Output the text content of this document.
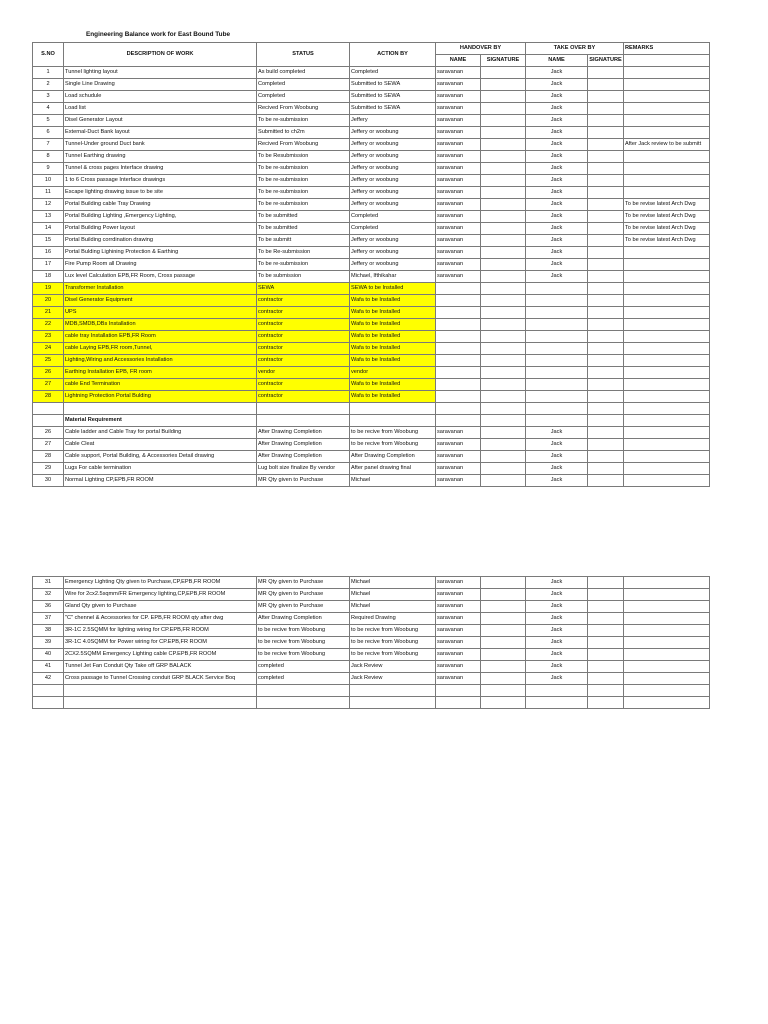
Engineering Balance work for East Bound Tube
S.NO	DESCRIPTION OF WORK	STATUS	ACTION BY	HANDOVER BY		TAKE OVER BY		REMARKS
				NAME	SIGNATURE	NAME	SIGNATURE	
1	Tunnel lighting layout	As build completed	Completed	saravanan		Jack		
2	Single Line Drawing	Completed	Submitted to SEWA	saravanan		Jack		
3	Load schudule	Completed	Submitted to SEWA	saravanan		Jack		
4	Load list	Recived From Woobung	Submitted to SEWA	saravanan		Jack		
5	Disel Generator Layout	To be re-submission	Jeffery	saravanan		Jack		
6	External-Duct Bank layout	Submitted to ch2m	Jeffery or woobung	saravanan		Jack		
7	Tunnel-Under ground Duct bank	Recived From Woobung	Jeffery or woobung	saravanan		Jack		After Jack review to be submitt
8	Tunnel Earthing drawing	To be Resubmission	Jeffery or woobung	saravanan		Jack		
9	Tunnel & cross pages Interface drawing	To be re-submission	Jeffery or woobung	saravanan		Jack		
10	1 to 6 Cross passage Interface drawings	To be re-submission	Jeffery or woobung	saravanan		Jack		
11	Escape lighting drawing issue to be site	To be re-submission	Jeffery or woobung	saravanan		Jack		
12	Portal Building cable Tray Drawing	To be re-submission	Jeffery or woobung	saravanan		Jack		To be revise latest Arch Dwg
13	Portal Building Lighting ,Emergency Lighting,	To be submitted	Completed	saravanan		Jack		To be revise latest Arch Dwg
14	Portal Building Power layout	To be submitted	Completed	saravanan		Jack		To be revise latest Arch Dwg
15	Portal Building corrdination drawing	To be submitt	Jeffery or woobung	saravanan		Jack		To be revise latest Arch Dwg
16	Portal Bulding Lighining Protection & Earthing	To be Re-submission	Jeffery or woobung	saravanan		Jack		
17	Fire Pump Room all Drawing	To be re-submission	Jeffery or woobung	saravanan		Jack		
18	Lux level Calculation EPB,FR Room, Cross passage	To be submission	Michael, Ifthikahar	saravanan		Jack		
19	Transformer Installation	SEWA	SEWA to be Installed					
20	Disel Generator Equipment	contractor	Wafa to be Installed					
21	UPS	contractor	Wafa to be Installed					
22	MDB,SMDB,DBs Installation	contractor	Wafa to be Installed					
23	cable tray Installation EPB,FR Room	contractor	Wafa to be Installed					
24	cable Laying EPB,FR room,Tunnel,	contractor	Wafa to be Installed					
25	Lighting,Wiring and Accessories Installation	contractor	Wafa to be Installed					
26	Earthing Installation EPB, FR room	vendor	vendor					
27	cable End Termination	contractor	Wafa to be Installed					
28	Lightning Protection Portal Bulding	contractor	Wafa to be Installed					

	Material Requirement							
26	Cable ladder and Cable Tray for portal Building	After Drawing Completion	to be recive from Woobung	saravanan		Jack		
27	Cable Cleat	After Drawing Completion	to be recive from Woobung	saravanan		Jack		
28	Cable support, Portal Building, & Accessories Detail drawing	After Drawing Completion	After Drawing Completion	saravanan		Jack		
29	Lugs For cable termination	Lug bolt size finalize By vendor	After panel drawing final	saravanan		Jack		
30	Normal Lighting CP,EPB,FR ROOM	MR Qty given to Purchase	Michael	saravanan		Jack		
31	Emergency Lighting Qty given to Purchase,CP,EPB,FR ROOM	MR Qty given to Purchase	Michael	saravanan		Jack		
32	Wire for 2cx2.5sqmm/FR Emergency lighting,CP,EPB,FR ROOM	MR Qty given to Purchase	Michael	saravanan		Jack		
36	Gland Qty given to Purchase	MR Qty given to Purchase	Michael	saravanan		Jack		
37	"C" chennel & Accessories for CP. EPB,FR ROOM qty after dwg	After Drawing Completion	Required Drawing	saravanan		Jack		
38	3R-1C 2.5SQMM for lighting wiring for CP.EPB,FR ROOM	to be recive from Woobung	to be recive from Woobung	saravanan		Jack		
39	3R-1C 4.0SQMM for Power wiring for CP.EPB,FR ROOM	to be recive from Woobung	to be recive from Woobung	saravanan		Jack		
40	2CX2.5SQMM Emergency Lighting cable CP.EPB,FR ROOM	to be recive from Woobung	to be recive from Woobung	saravanan		Jack		
41	Tunnel Jet Fan Conduit Qty Take off GRP BALACK	completed	Jack Review	saravanan		Jack		
42	Cross passage to Tunnel Crossing conduit GRP BLACK Service Boq	completed	Jack Review	saravanan		Jack		
